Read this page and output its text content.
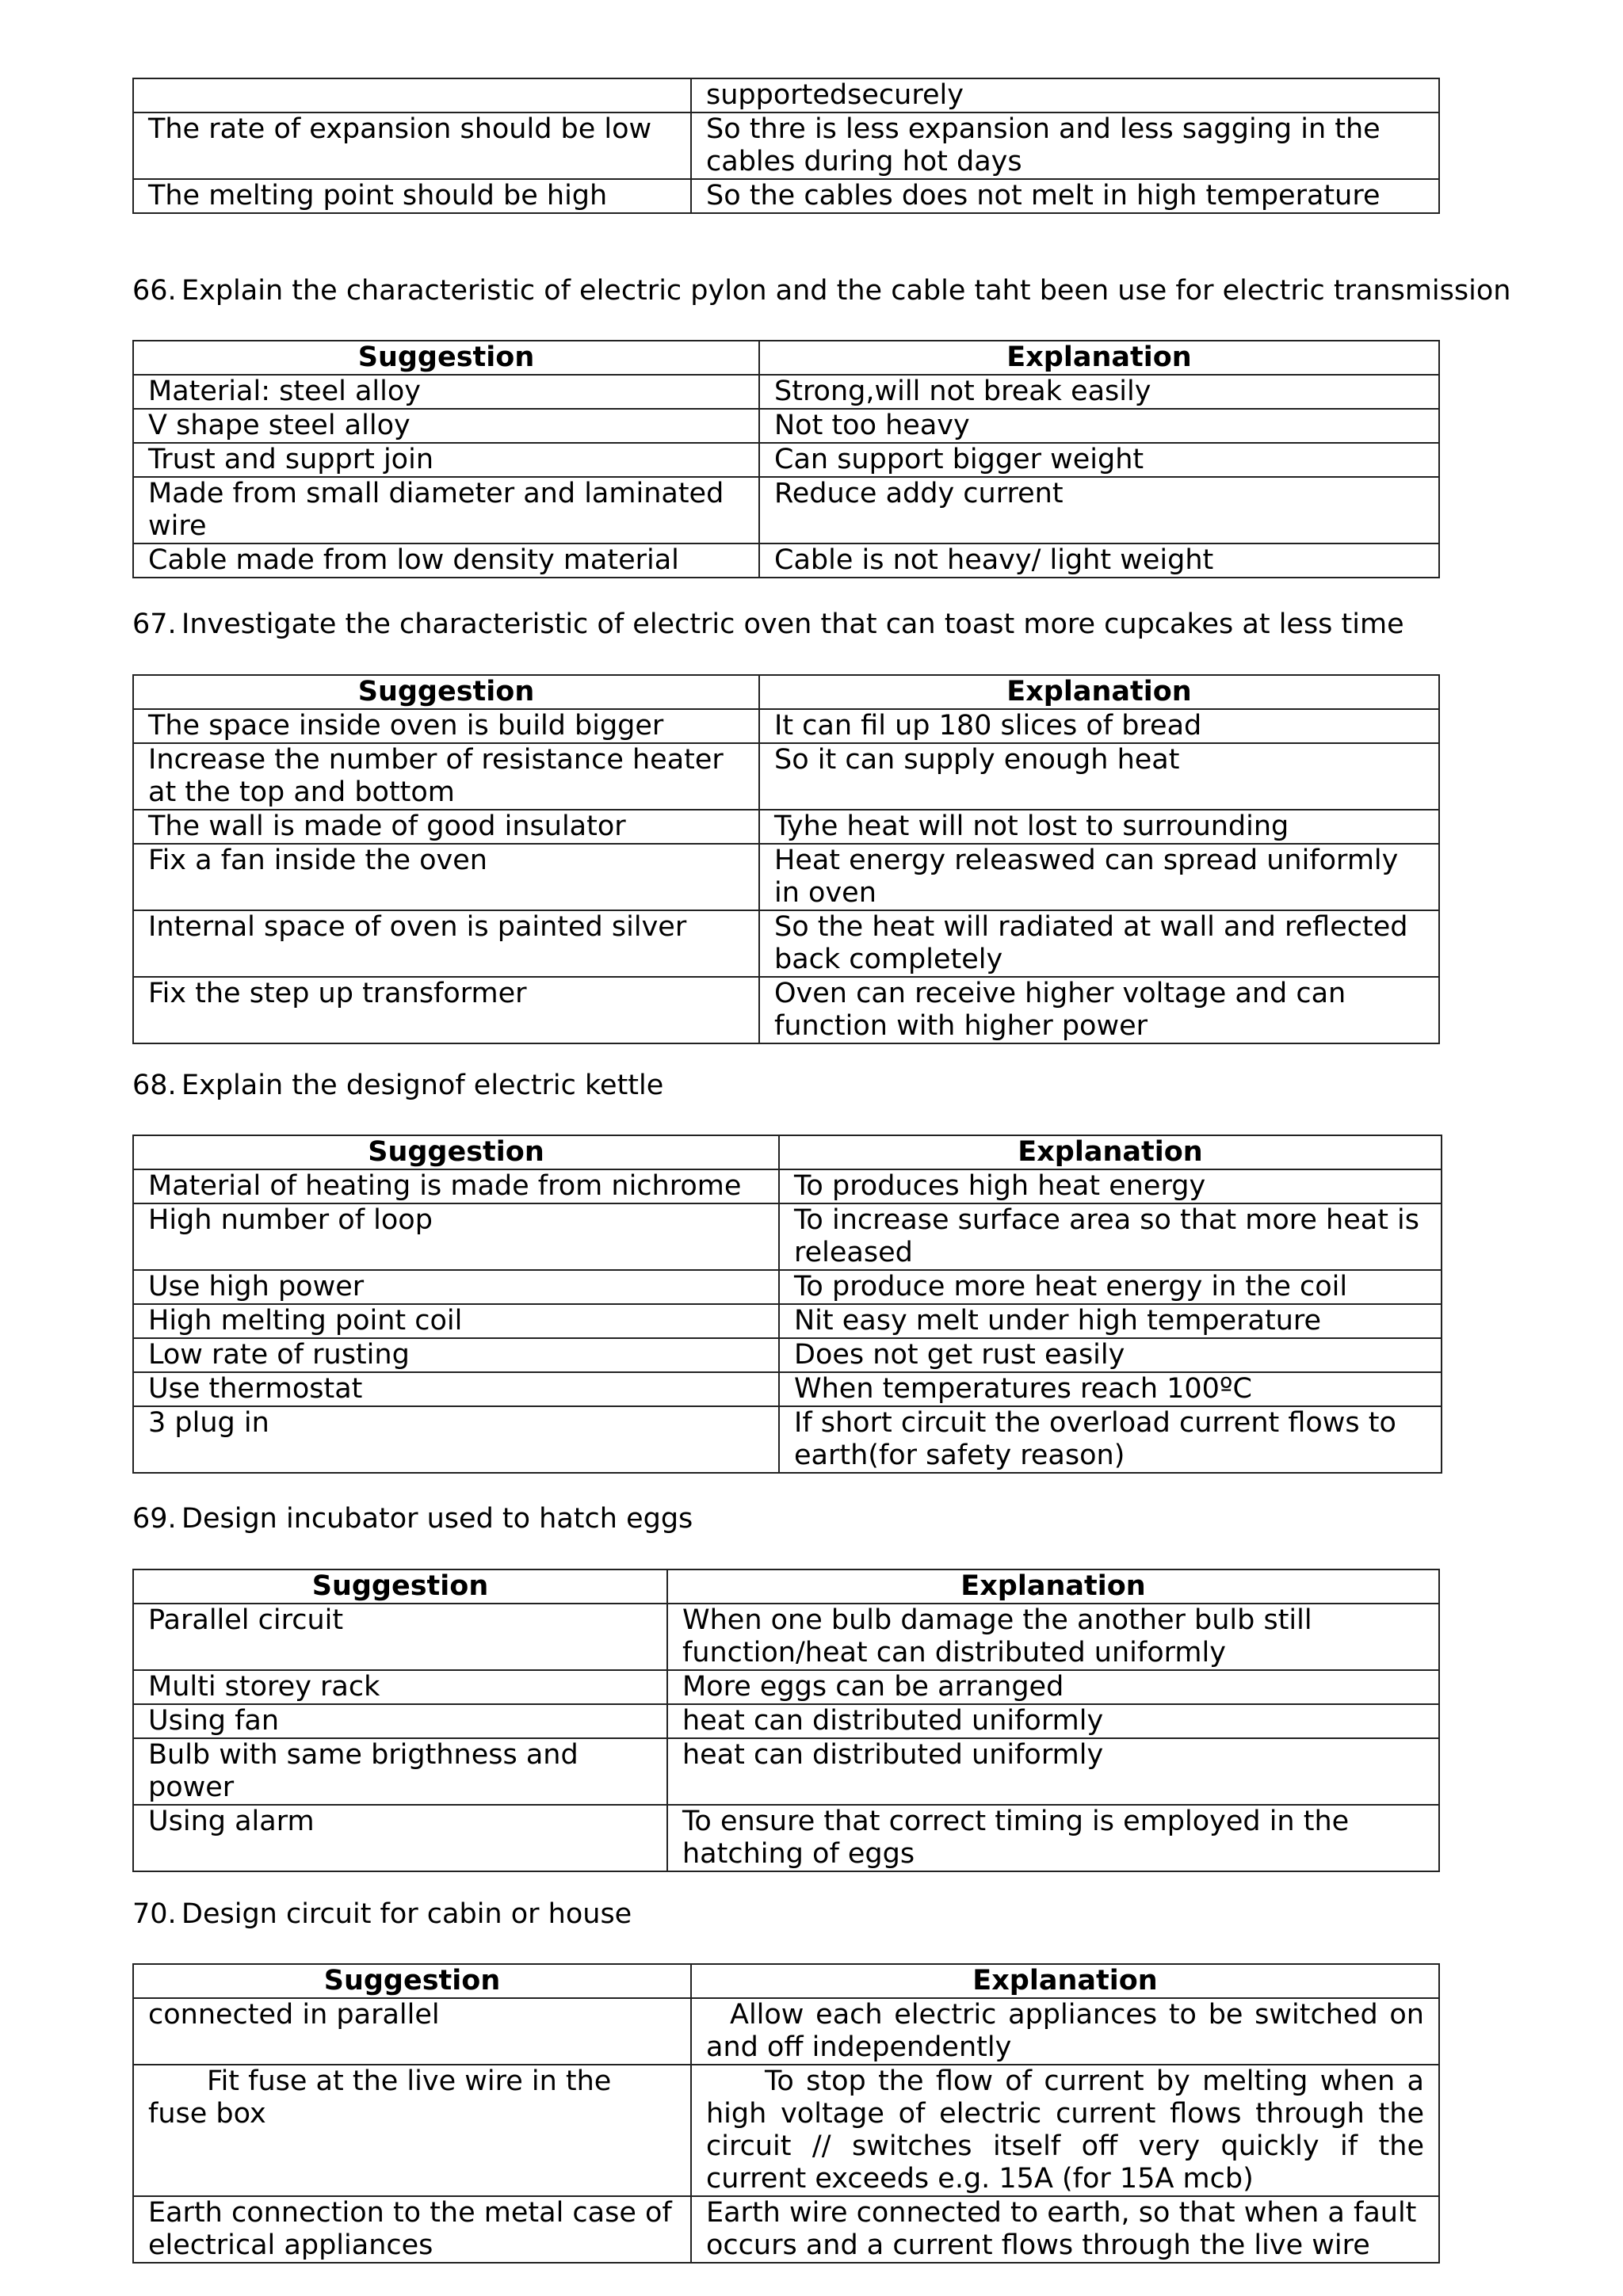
	supportedsecurely
The rate of expansion should be low	So thre is less expansion and less sagging in the cables during hot days
The melting point should be high	So the cables does not melt in high temperature
66. Explain the characteristic of electric pylon and the cable taht been use for electric transmission
Suggestion	Explanation
Material: steel alloy	Strong,will not break easily
V shape steel alloy	Not too heavy
Trust and supprt join	Can support bigger weight
Made from small diameter and laminated wire	Reduce addy current
Cable made from low density material	Cable is not heavy/ light weight
67. Investigate the characteristic of electric oven that can toast more cupcakes at less time
Suggestion	Explanation
The space inside oven is build bigger	It can fil up 180 slices of bread
Increase the number of resistance heater at the top and bottom	So it can supply enough heat
The wall is made of good insulator	Tyhe heat will not lost to surrounding
Fix a fan inside the oven	Heat energy releaswed can spread uniformly in oven
Internal space of oven is painted silver	So the heat will radiated at wall and reflected back completely
Fix the step up transformer	Oven can receive higher voltage and can function with higher power
68. Explain the designof electric kettle
Suggestion	Explanation
Material of heating is made from nichrome	To produces high heat energy
High number of loop	To increase surface area so that more heat is released
Use high power	To produce more heat energy in the coil
High melting point coil	Nit easy melt under high temperature
Low rate of rusting	Does not get rust easily
Use thermostat	When temperatures reach 100ºC
3 plug in	If short circuit the overload current flows to earth(for safety reason)
69. Design incubator used to hatch eggs
Suggestion	Explanation
Parallel circuit	When one bulb damage the another bulb still function/heat can distributed uniformly
Multi storey rack	More eggs can be arranged
Using fan	heat can distributed uniformly
Bulb with same brigthness and power	heat can distributed uniformly
Using alarm	To ensure that correct timing is employed in the hatching of eggs
70. Design circuit for cabin or house
Suggestion	Explanation
connected in parallel	Allow each electric appliances to be switched on and off independently
Fit fuse at the live wire in the fuse box	To stop the flow of current by melting when a high voltage of electric current flows through the circuit // switches itself off very quickly if the current exceeds e.g. 15A (for 15A mcb)
Earth connection to the metal case of electrical appliances	Earth wire connected to earth, so that when a fault occurs and a current flows through the live wire
